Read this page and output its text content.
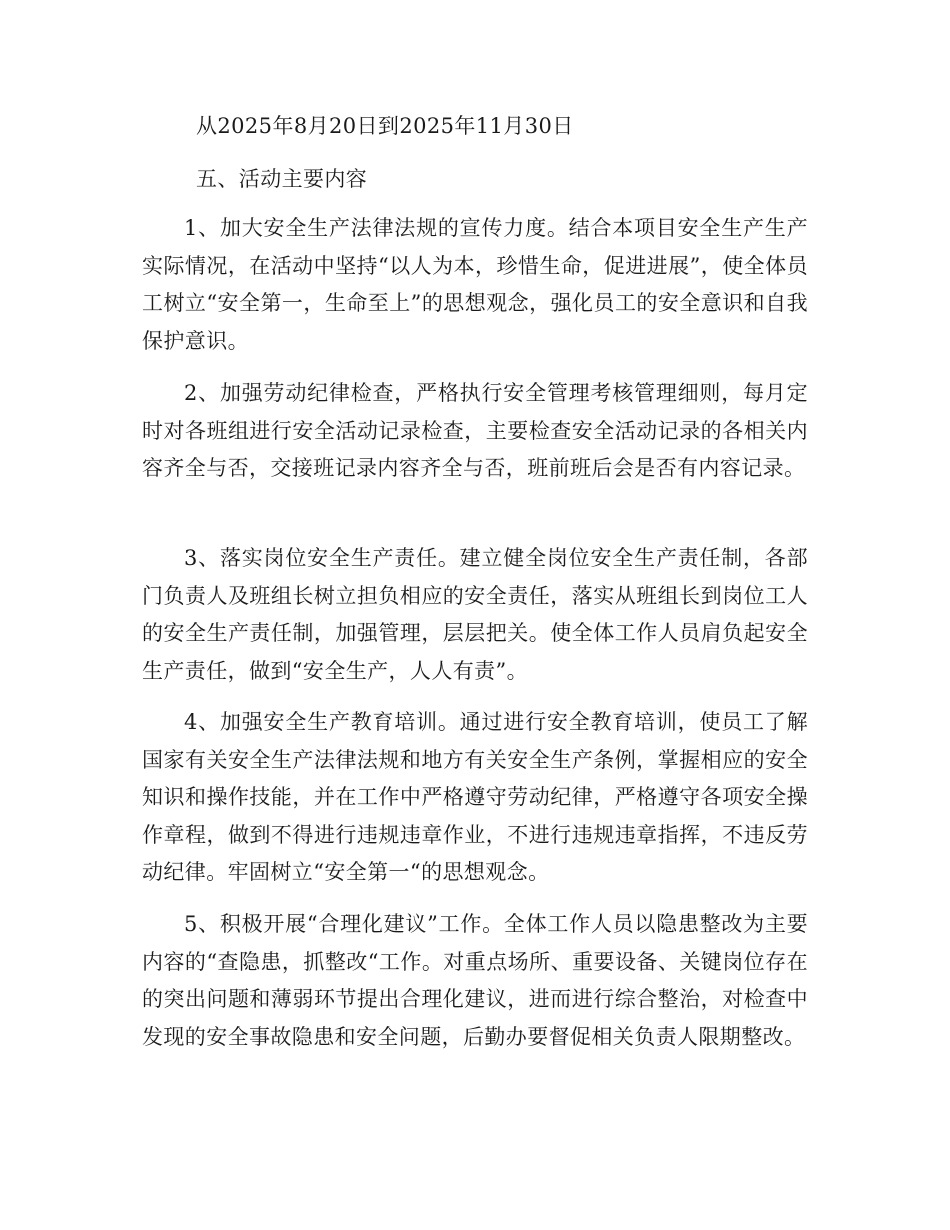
从2025年8月20日到2025年11月30日
五、活动主要内容
1、加大安全生产法律法规的宣传力度。结合本项目安全生产生产实际情况，在活动中坚持“以人为本，珍惜生命，促进进展”，使全体员工树立“安全第一，生命至上”的思想观念，强化员工的安全意识和自我保护意识。
2、加强劳动纪律检查，严格执行安全管理考核管理细则，每月定时对各班组进行安全活动记录检查，主要检查安全活动记录的各相关内容齐全与否，交接班记录内容齐全与否，班前班后会是否有内容记录。
3、落实岗位安全生产责任。建立健全岗位安全生产责任制，各部门负责人及班组长树立担负相应的安全责任，落实从班组长到岗位工人的安全生产责任制，加强管理，层层把关。使全体工作人员肩负起安全生产责任，做到“安全生产，人人有责”。
4、加强安全生产教育培训。通过进行安全教育培训，使员工了解国家有关安全生产法律法规和地方有关安全生产条例，掌握相应的安全知识和操作技能，并在工作中严格遵守劳动纪律，严格遵守各项安全操作章程，做到不得进行违规违章作业，不进行违规违章指挥，不违反劳动纪律。牢固树立“安全第一“的思想观念。
5、积极开展“合理化建议”工作。全体工作人员以隐患整改为主要内容的“查隐患，抓整改“工作。对重点场所、重要设备、关键岗位存在的突出问题和薄弱环节提出合理化建议，进而进行综合整治，对检查中发现的安全事故隐患和安全问题，后勤办要督促相关负责人限期整改。
